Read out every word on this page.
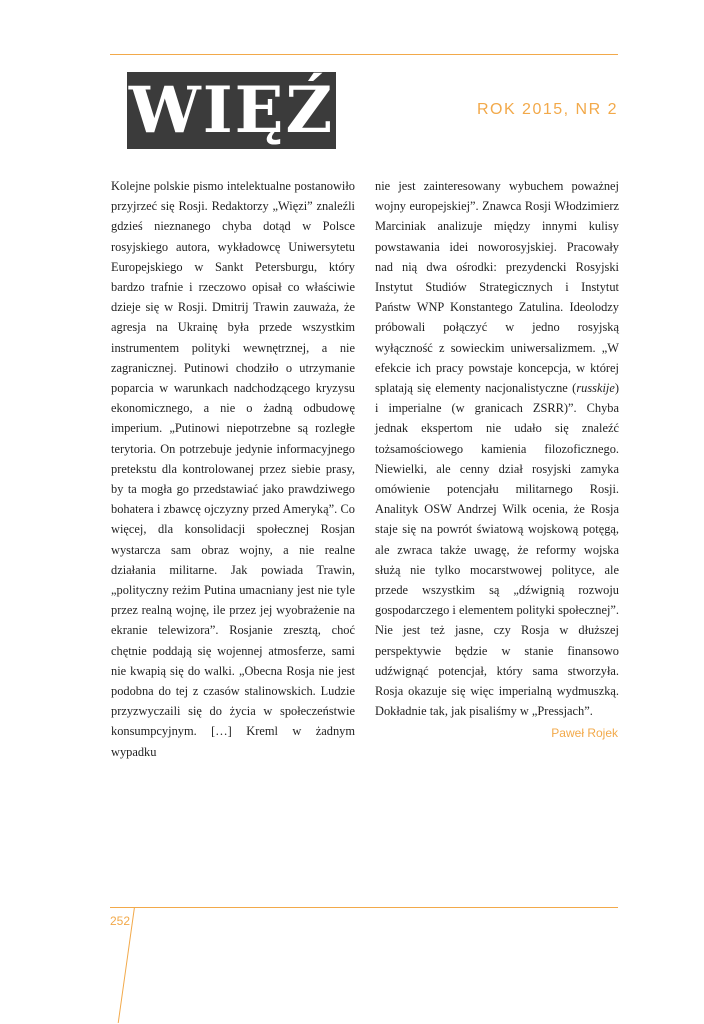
WIĘŹ	ROK 2015, NR 2

Kolejne polskie pismo intelektualne postanowiło przyjrzeć się Rosji. Redaktorzy „Więzi” znaleźli gdzieś nieznanego chyba dotąd w Polsce rosyjskiego autora, wykładowcę Uniwersytetu Europejskiego w Sankt Petersburgu, który bardzo trafnie i rzeczowo opisał co właściwie dzieje się w Rosji. Dmitrij Trawin zauważa, że agresja na Ukrainę była przede wszystkim instrumentem polityki wewnętrznej, a nie zagranicznej. Putinowi chodziło o utrzymanie poparcia w warunkach nadchodzącego kryzysu ekonomicznego, a nie o żadną odbudowę imperium. „Putinowi niepotrzebne są rozległe terytoria. On potrzebuje jedynie informacyjnego pretekstu dla kontrolowanej przez siebie prasy, by ta mogła go przedstawiać jako prawdziwego bohatera i zbawcę ojczyzny przed Ameryką”. Co więcej, dla konsolidacji społecznej Rosjan wystarcza sam obraz wojny, a nie realne działania militarne. Jak powiada Trawin, „polityczny reżim Putina umacniany jest nie tyle przez realną wojnę, ile przez jej wyobrażenie na ekranie telewizora”. Rosjanie zresztą, choć chętnie poddają się wojennej atmosferze, sami nie kwapią się do walki. „Obecna Rosja nie jest podobna do tej z czasów stalinowskich. Ludzie przyzwyczaili się do życia w społeczeństwie konsumpcyjnym. […] Kreml w żadnym wypadku

nie jest zainteresowany wybuchem poważnej wojny europejskiej”. Znawca Rosji Włodzimierz Marciniak analizuje między innymi kulisy powstawania idei noworosyjskiej. Pracowały nad nią dwa ośrodki: prezydencki Rosyjski Instytut Studiów Strategicznych i Instytut Państw WNP Konstantego Zatulina. Ideolodzy próbowali połączyć w jedno rosyjską wyłączność z sowieckim uniwersalizmem. „W efekcie ich pracy powstaje koncepcja, w której splatają się elementy nacjonalistyczne (russkije) i imperialne (w granicach ZSRR)”. Chyba jednak ekspertom nie udało się znaleźć tożsamościowego kamienia filozoficznego. Niewielki, ale cenny dział rosyjski zamyka omówienie potencjału militarnego Rosji. Analityk OSW Andrzej Wilk ocenia, że Rosja staje się na powrót światową wojskową potęgą, ale zwraca także uwagę, że reformy wojska służą nie tylko mocarstwowej polityce, ale przede wszystkim są „dźwignią rozwoju gospodarczego i elementem polityki społecznej”. Nie jest też jasne, czy Rosja w dłuższej perspektywie będzie w stanie finansowo udźwignąć potencjał, który sama stworzyła. Rosja okazuje się więc imperialną wydmuszką. Dokładnie tak, jak pisaliśmy w „Pressjach”.

Paweł Rojek
252
